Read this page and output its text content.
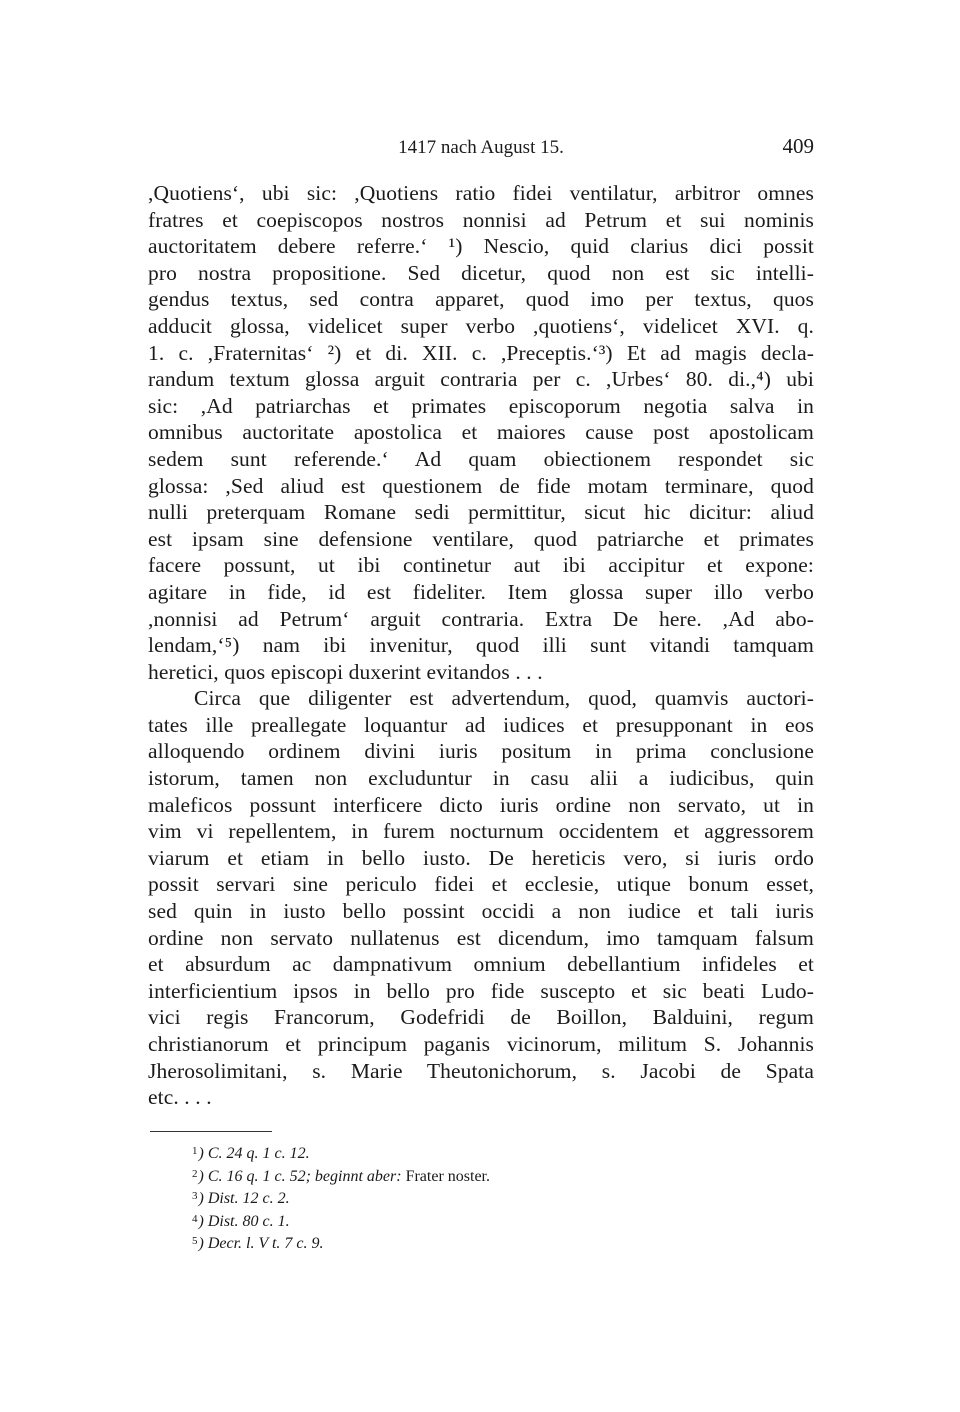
1417 nach August 15.	409
,Quotiens‘, ubi sic: ,Quotiens ratio fidei ventilatur, arbitror omnes
fratres et coepiscopos nostros nonnisi ad Petrum et sui nominis
auctoritatem debere referre.‘ ¹) Nescio, quid clarius dici possit
pro nostra propositione. Sed dicetur, quod non est sic intelli-
gendus textus, sed contra apparet, quod imo per textus, quos
adducit glossa, videlicet super verbo ,quotiens‘, videlicet XVI. q.
1. c. ,Fraternitas‘ ²) et di. XII. c. ,Preceptis.‘³) Et ad magis decla-
randum textum glossa arguit contraria per c. ,Urbes‘ 80. di.,⁴) ubi
sic: ,Ad patriarchas et primates episcoporum negotia salva in
omnibus auctoritate apostolica et maiores cause post apostolicam
sedem sunt referende.‘ Ad quam obiectionem respondet sic
glossa: ,Sed aliud est questionem de fide motam terminare, quod
nulli preterquam Romane sedi permittitur, sicut hic dicitur: aliud
est ipsam sine defensione ventilare, quod patriarche et primates
facere possunt, ut ibi continetur aut ibi accipitur et expone:
agitare in fide, id est fideliter. Item glossa super illo verbo
,nonnisi ad Petrum‘ arguit contraria. Extra De here. ,Ad abo-
lendam,‘⁵) nam ibi invenitur, quod illi sunt vitandi tamquam
heretici, quos episcopi duxerint evitandos . . .
Circa que diligenter est advertendum, quod, quamvis auctori-
tates ille preallegate loquantur ad iudices et presupponant in eos
alloquendo ordinem divini iuris positum in prima conclusione
istorum, tamen non excluduntur in casu alii a iudicibus, quin
maleficos possunt interficere dicto iuris ordine non servato, ut in
vim vi repellentem, in furem nocturnum occidentem et aggressorem
viarum et etiam in bello iusto. De hereticis vero, si iuris ordo
possit servari sine periculo fidei et ecclesie, utique bonum esset,
sed quin in iusto bello possint occidi a non iudice et tali iuris
ordine non servato nullatenus est dicendum, imo tamquam falsum
et absurdum ac dampnativum omnium debellantium infideles et
interficientium ipsos in bello pro fide suscepto et sic beati Ludo-
vici regis Francorum, Godefridi de Boillon, Balduini, regum
christianorum et principum paganis vicinorum, militum S. Johannis
Jherosolimitani, s. Marie Theutonichorum, s. Jacobi de Spata
etc. . . .
$^1$) C. 24 q. 1 c. 12.
$^2$) C. 16 q. 1 c. 52; beginnt aber: Frater noster.
$^3$) Dist. 12 c. 2.
$^4$) Dist. 80 c. 1.
$^5$) Decr. l. V t. 7 c. 9.
